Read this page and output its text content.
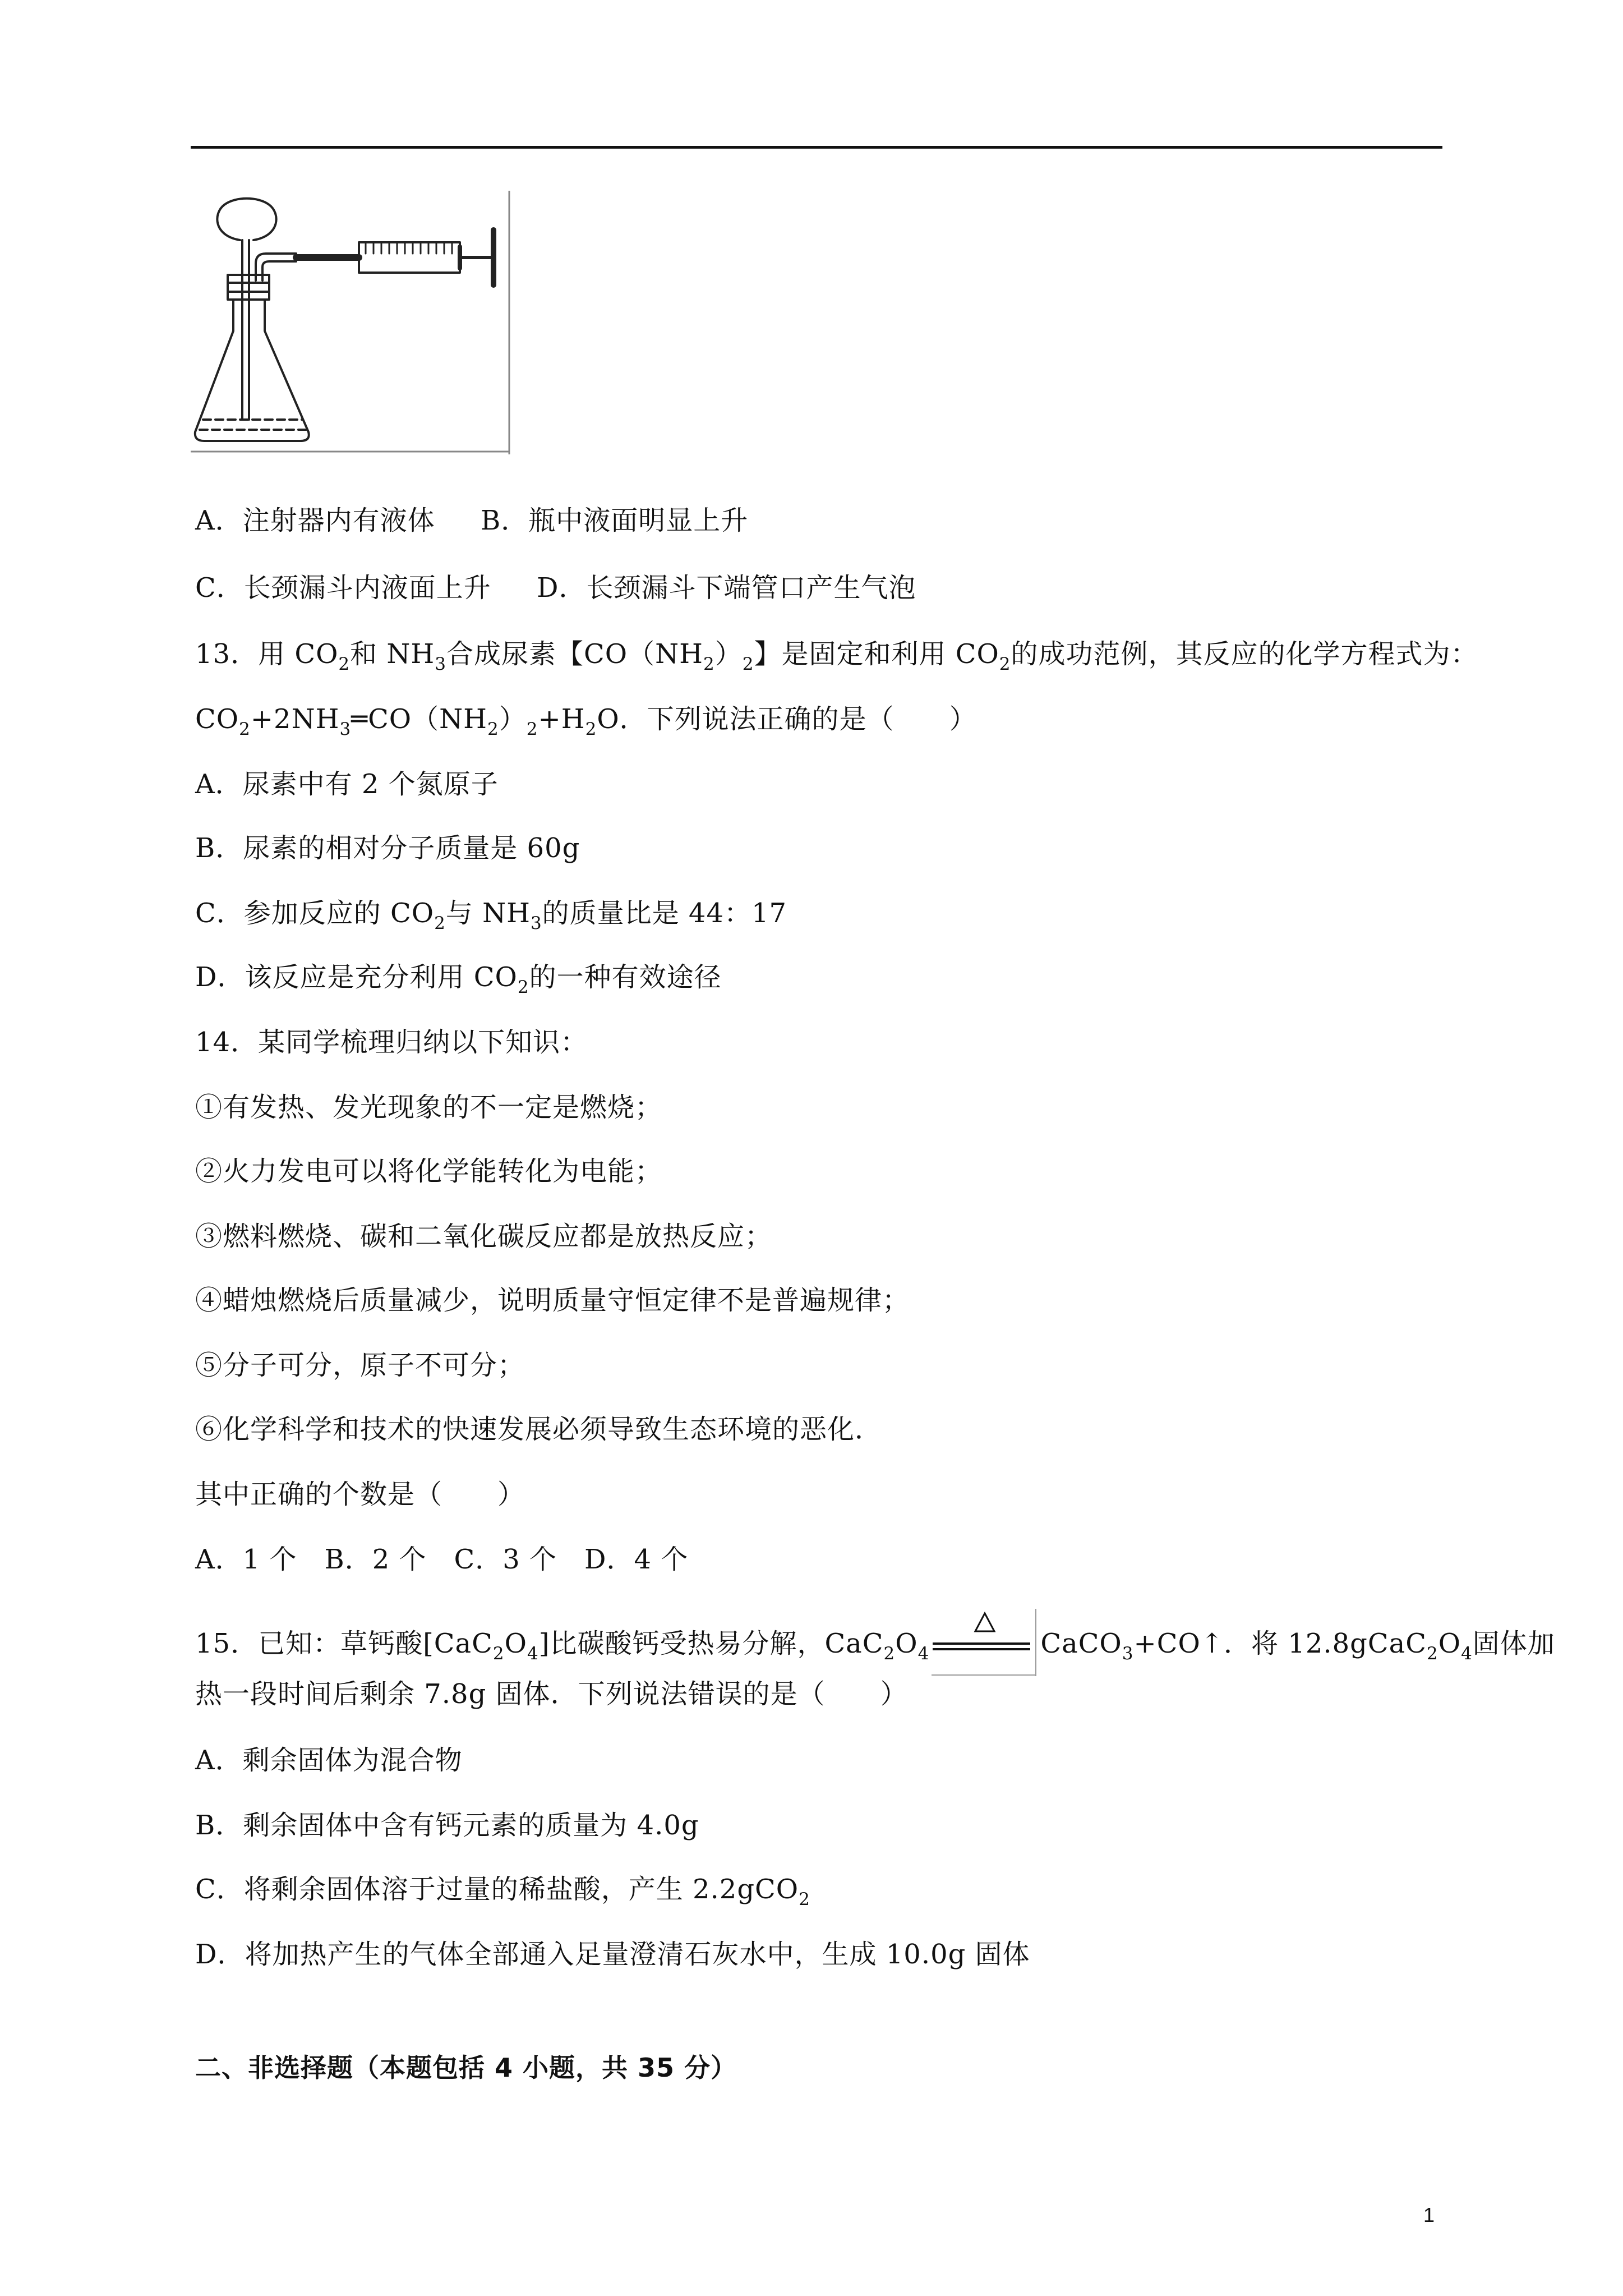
A．注射器内有液体 B．瓶中液面明显上升
C．长颈漏斗内液面上升 D．长颈漏斗下端管口产生气泡
13．用 $CO_2$和 $NH_3$合成尿素【$CO(NH_2)_2$】是固定和利用 $CO_2$的成功范例，其反应的化学方程式为：
$CO_2+2NH_3═CO(NH_2)_2+H_2O$．下列说法正确的是（　　）
A．尿素中有 2 个氮原子
B．尿素的相对分子质量是 60g
C．参加反应的 $CO_2$与 $NH_3$的质量比是 44：17
D．该反应是充分利用 $CO_2$的一种有效途径
14．某同学梳理归纳以下知识：
①有发热、发光现象的不一定是燃烧；
②火力发电可以将化学能转化为电能；
③燃料燃烧、碳和二氧化碳反应都是放热反应；
④蜡烛燃烧后质量减少，说明质量守恒定律不是普遍规律；
⑤分子可分，原子不可分；
⑥化学科学和技术的快速发展必须导致生态环境的恶化．
其中正确的个数是（　　）
A．1 个　B．2 个　C．3 个　D．4 个
15．已知：草钙酸$[CaC_2O_4]$比碳酸钙受热易分解，$CaC_2O_4$	CaCO$_3$+CO↑．将 $12.8gCaC_2O_4$固体加
热一段时间后剩余 7.8g 固体．下列说法错误的是（　　）
A．剩余固体为混合物
B．剩余固体中含有钙元素的质量为 4.0g
C．将剩余固体溶于过量的稀盐酸，产生 2.2gCO$_2$
D．将加热产生的气体全部通入足量澄清石灰水中，生成 10.0g 固体
二、非选择题（本题包括 4 小题，共 35 分）
1
